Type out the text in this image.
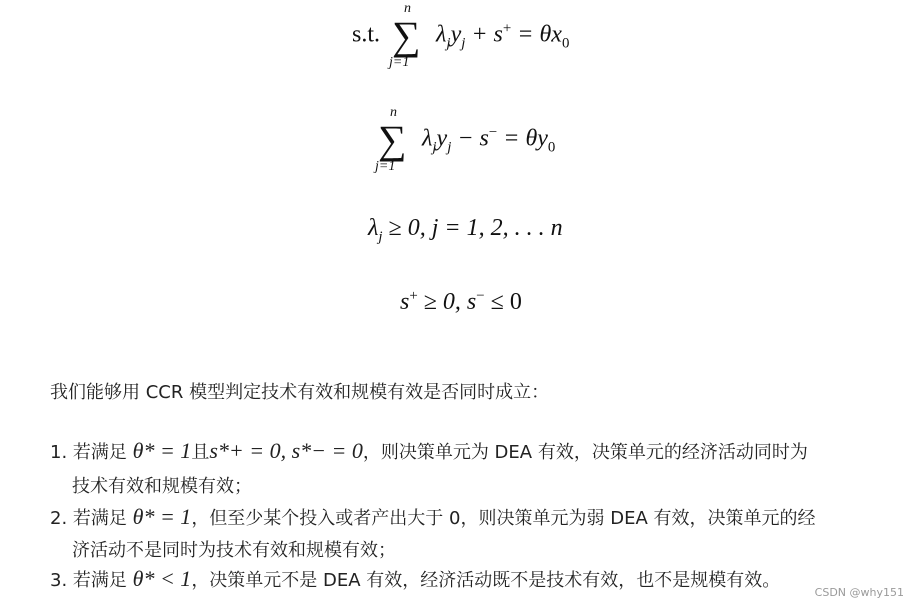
s.t.
n
∑
j=1
$\lambda_jy_j + s^+ = \theta x_0$
n
∑
j=1
$\lambda_jy_j - s^- = \theta y_0$
$\lambda_j \ge 0$, j = 1, 2, . . . n
s+ ≥ 0, s− ≤ 0
我们能够用 CCR 模型判定技术有效和规模有效是否同时成立：
1. 若满足 θ* = 1且s*+ = 0, s*− = 0，则决策单元为 DEA 有效，决策单元的经济活动同时为
技术有效和规模有效；
2. 若满足 θ* = 1，但至少某个投入或者产出大于 0，则决策单元为弱 DEA 有效，决策单元的经
济活动不是同时为技术有效和规模有效；
3. 若满足 θ* < 1，决策单元不是 DEA 有效，经济活动既不是技术有效，也不是规模有效。
CSDN @why151
